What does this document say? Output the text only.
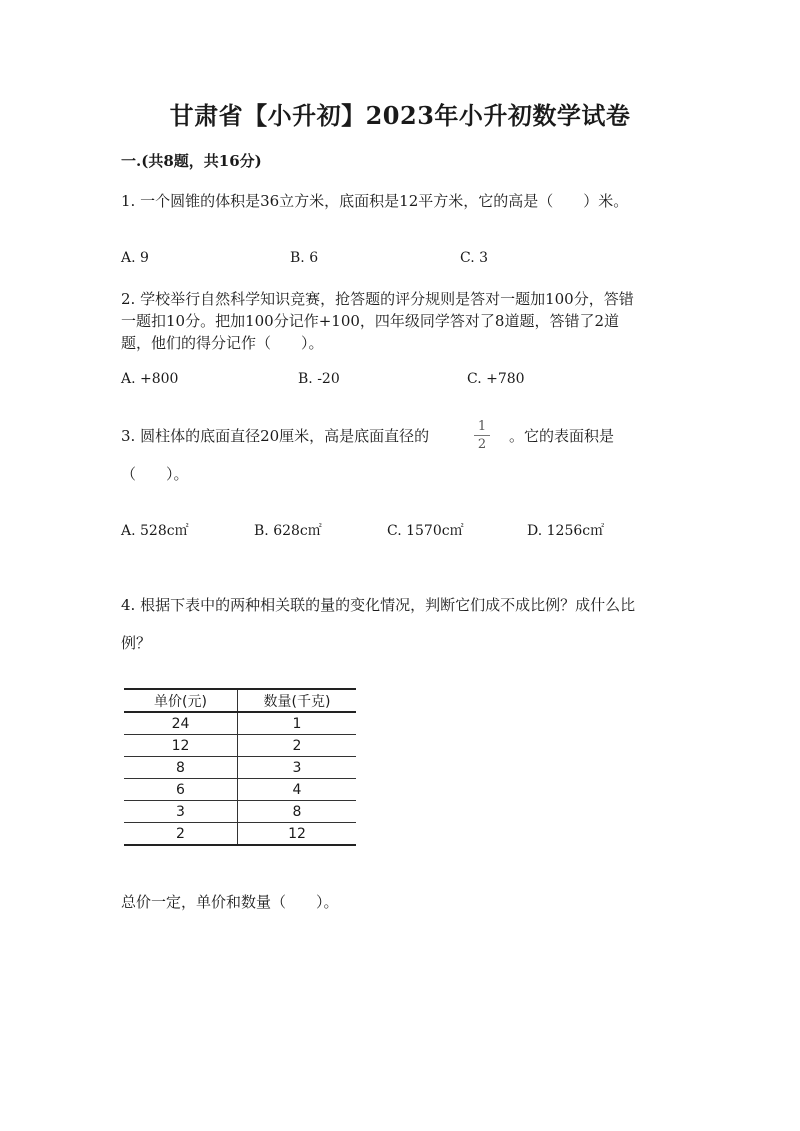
甘肃省【小升初】2023年小升初数学试卷
一.(共8题，共16分)
1. 一个圆锥的体积是36立方米，底面积是12平方米，它的高是（　　）米。
A. 9	B. 6	C. 3
2. 学校举行自然科学知识竞赛，抢答题的评分规则是答对一题加100分，答错
一题扣10分。把加100分记作+100，四年级同学答对了8道题，答错了2道
题，他们的得分记作（　　）。
A. +800	B. -20	C. +780
3. 圆柱体的底面直径20厘米，高是底面直径的
1
2 。它的表面积是
（　　）。
A. 528c㎡	B. 628c㎡	C. 1570c㎡	D. 1256c㎡
4. 根据下表中的两种相关联的量的变化情况，判断它们成不成比例？成什么比
例？
单价(元)	数量(千克)
24	1
12	2
8	3
6	4
3	8
2	12
总价一定，单价和数量（　　）。
